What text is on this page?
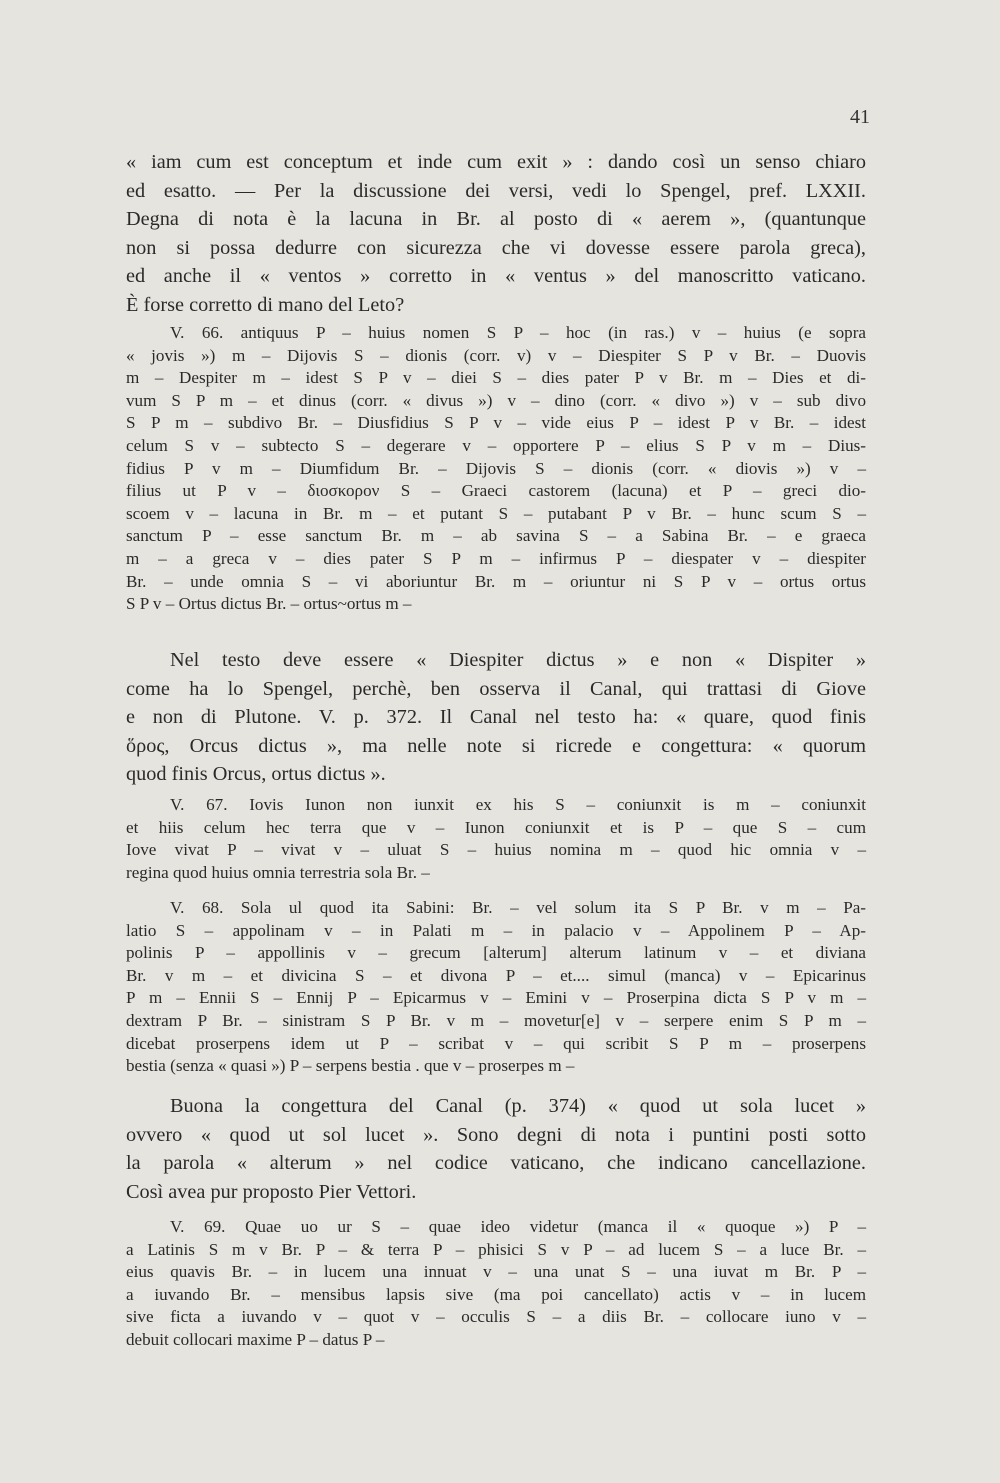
41
« iam cum est conceptum et inde cum exit » : dando così un senso chiaro
ed esatto. — Per la discussione dei versi, vedi lo Spengel, pref. LXXII.
Degna di nota è la lacuna in Br. al posto di « aerem », (quantunque
non si possa dedurre con sicurezza che vi dovesse essere parola greca),
ed anche il « ventos » corretto in « ventus » del manoscritto vaticano.
È forse corretto di mano del Leto?
V. 66. antiquus P – huius nomen S P – hoc (in ras.) v – huius (e sopra
« jovis ») m – Dijovis S – dionis (corr. v) v – Diespiter S P v Br. – Duovis
m – Despiter m – idest S P v – diei S – dies pater P v Br. m – Dies et di-
vum S P m – et dinus (corr. « divus ») v – dino (corr. « divo ») v – sub divo
S P m – subdivo Br. – Diusfidius S P v – vide eius P – idest P v Br. – idest
celum S v – subtecto S – degerare v – opportere P – elius S P v m – Dius-
fidius P v m – Diumfidum Br. – Dijovis S – dionis (corr. « diovis ») v –
filius ut P v – διοσκορον S – Graeci castorem (lacuna) et P – greci dio-
scoem v – lacuna in Br. m – et putant S – putabant P v Br. – hunc scum S –
sanctum P – esse sanctum Br. m – ab savina S – a Sabina Br. – e graeca
m – a greca v – dies pater S P m – infirmus P – diespater v – diespiter
Br. – unde omnia S – vi aboriuntur Br. m – oriuntur ni S P v – ortus ortus
S P v – Ortus dictus Br. – ortus~ortus m –
Nel testo deve essere « Diespiter dictus » e non « Dispiter »
come ha lo Spengel, perchè, ben osserva il Canal, qui trattasi di Giove
e non di Plutone. V. p. 372. Il Canal nel testo ha: « quare, quod finis
ὅρος, Orcus dictus », ma nelle note si ricrede e congettura: « quorum
quod finis Orcus, ortus dictus ».
V. 67. Iovis Iunon non iunxit ex his S – coniunxit is m – coniunxit
et hiis celum hec terra que v – Iunon coniunxit et is P – que S – cum
Iove vivat P – vivat v – uluat S – huius nomina m – quod hic omnia v –
regina quod huius omnia terrestria sola Br. –
V. 68. Sola ul quod ita Sabini: Br. – vel solum ita S P Br. v m – Pa-
latio S – appolinam v – in Palati m – in palacio v – Appolinem P – Ap-
polinis P – appollinis v – grecum [alterum] alterum latinum v – et diviana
Br. v m – et divicina S – et divona P – et.... simul (manca) v – Epicarinus
P m – Ennii S – Ennij P – Epicarmus v – Emini v – Proserpina dicta S P v m –
dextram P Br. – sinistram S P Br. v m – movetur[e] v – serpere enim S P m –
dicebat proserpens idem ut P – scribat v – qui scribit S P m – proserpens
bestia (senza « quasi ») P – serpens bestia . que v – proserpes m –
Buona la congettura del Canal (p. 374) « quod ut sola lucet »
ovvero « quod ut sol lucet ». Sono degni di nota i puntini posti sotto
la parola « alterum » nel codice vaticano, che indicano cancellazione.
Così avea pur proposto Pier Vettori.
V. 69. Quae uo ur S – quae ideo videtur (manca il « quoque ») P –
a Latinis S m v Br. P – & terra P – phisici S v P – ad lucem S – a luce Br. –
eius quavis Br. – in lucem una innuat v – una unat S – una iuvat m Br. P –
a iuvando Br. – mensibus lapsis sive (ma poi cancellato) actis v – in lucem
sive ficta a iuvando v – quot v – occulis S – a diis Br. – collocare iuno v –
debuit collocari maxime P – datus P –
